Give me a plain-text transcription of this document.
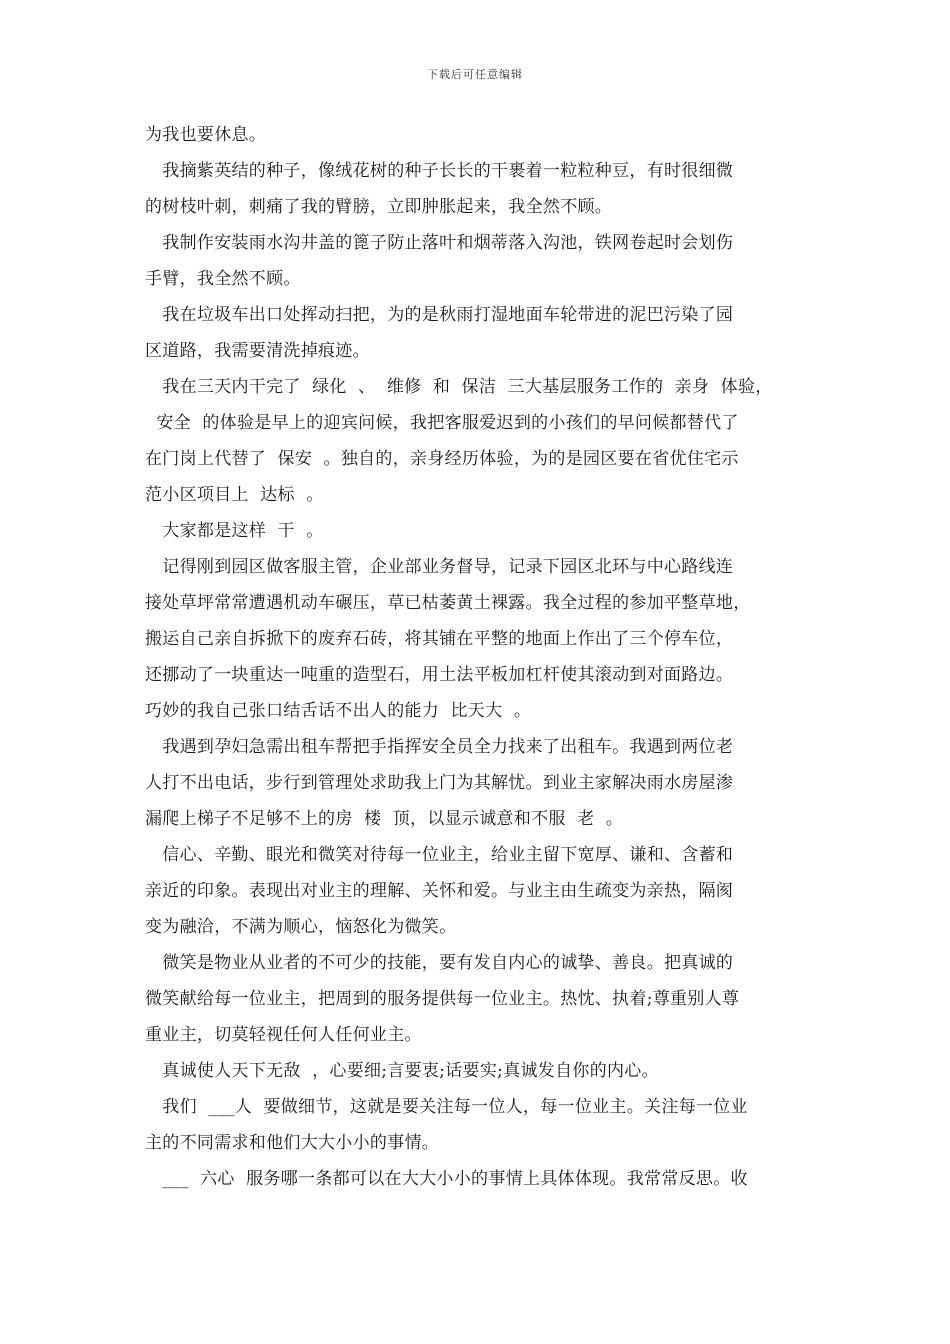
下载后可任意编辑
为我也要休息。
　我摘紫英结的种子，像绒花树的种子长长的干裹着一粒粒种豆，有时很细微
的树枝叶刺，刺痛了我的臂膀，立即肿胀起来，我全然不顾。
　我制作安装雨水沟井盖的篦子防止落叶和烟蒂落入沟池，铁网卷起时会划伤
手臂，我全然不顾。
　我在垃圾车出口处挥动扫把，为的是秋雨打湿地面车轮带进的泥巴污染了园
区道路，我需要清洗掉痕迹。
　我在三天内干完了  绿化  、  维修  和  保洁  三大基层服务工作的  亲身  体验，
安全  的体验是早上的迎宾问候，我把客服爱迟到的小孩们的早问候都替代了
在门岗上代替了  保安  。独自的，亲身经历体验，为的是园区要在省优住宅示
范小区项目上  达标  。
　大家都是这样  干  。
　记得刚到园区做客服主管，企业部业务督导，记录下园区北环与中心路线连
接处草坪常常遭遇机动车碾压，草已枯萎黄土裸露。我全过程的参加平整草地，
搬运自己亲自拆掀下的废弃石砖，将其铺在平整的地面上作出了三个停车位，
还挪动了一块重达一吨重的造型石，用土法平板加杠杆使其滚动到对面路边。
巧妙的我自己张口结舌话不出人的能力  比天大  。
　我遇到孕妇急需出租车帮把手指挥安全员全力找来了出租车。我遇到两位老
人打不出电话，步行到管理处求助我上门为其解忧。到业主家解决雨水房屋渗
漏爬上梯子不足够不上的房  楼  顶，以显示诚意和不服  老  。
　信心、辛勤、眼光和微笑对待每一位业主，给业主留下宽厚、谦和、含蓄和
亲近的印象。表现出对业主的理解、关怀和爱。与业主由生疏变为亲热，隔阂
变为融洽，不满为顺心，恼怒化为微笑。
　微笑是物业从业者的不可少的技能，要有发自内心的诚挚、善良。把真诚的
微笑献给每一位业主，把周到的服务提供每一位业主。热忱、执着;尊重别人尊
重业主，切莫轻视任何人任何业主。
　真诚使人天下无敌  ，心要细;言要衷;话要实;真诚发自你的内心。
　我们  ___人  要做细节，这就是要关注每一位人，每一位业主。关注每一位业
主的不同需求和他们大大小小的事情。
　___  六心  服务哪一条都可以在大大小小的事情上具体体现。我常常反思。收
